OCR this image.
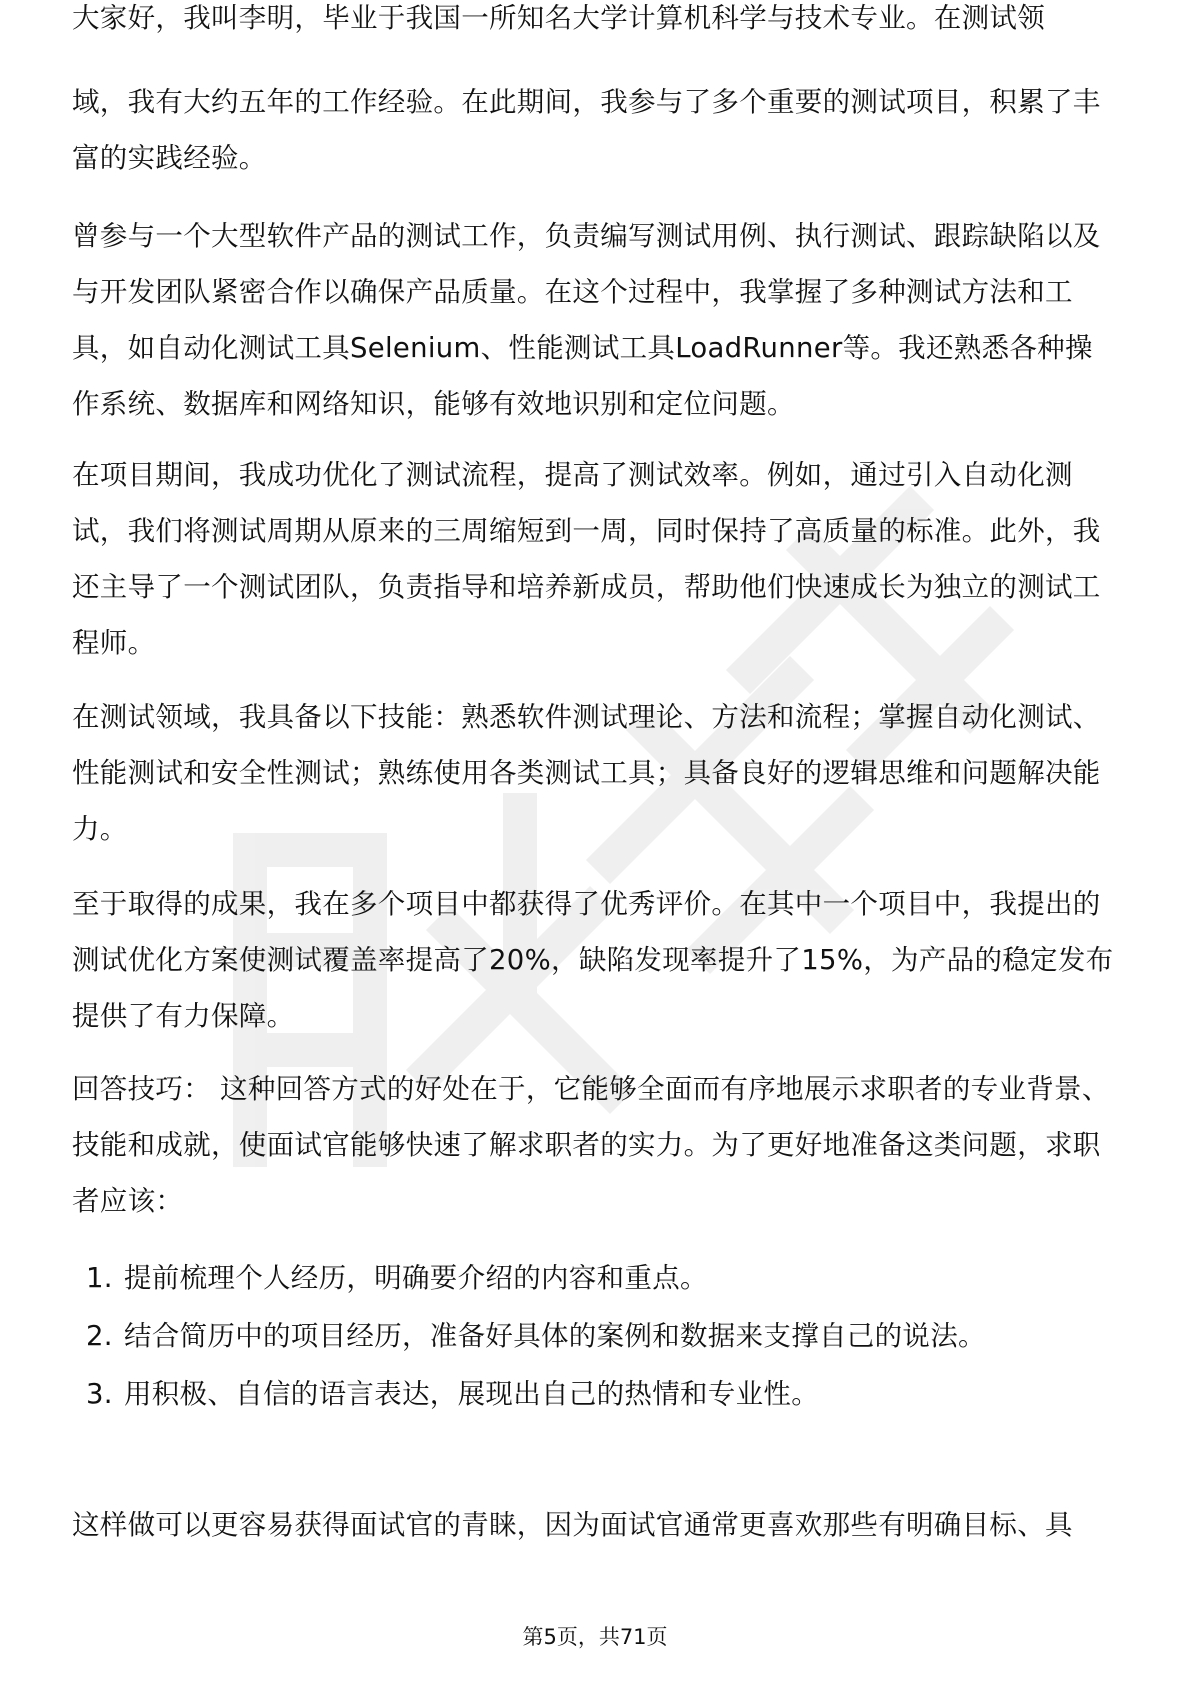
大家好，我叫李明，毕业于我国一所知名大学计算机科学与技术专业。在测试领

域，我有大约五年的工作经验。在此期间，我参与了多个重要的测试项目，积累了丰富的实践经验。

曾参与一个大型软件产品的测试工作，负责编写测试用例、执行测试、跟踪缺陷以及与开发团队紧密合作以确保产品质量。在这个过程中，我掌握了多种测试方法和工具，如自动化测试工具Selenium、性能测试工具LoadRunner等。我还熟悉各种操作系统、数据库和网络知识，能够有效地识别和定位问题。

在项目期间，我成功优化了测试流程，提高了测试效率。例如，通过引入自动化测试，我们将测试周期从原来的三周缩短到一周，同时保持了高质量的标准。此外，我还主导了一个测试团队，负责指导和培养新成员，帮助他们快速成长为独立的测试工程师。

在测试领域，我具备以下技能：熟悉软件测试理论、方法和流程；掌握自动化测试、性能测试和安全性测试；熟练使用各类测试工具；具备良好的逻辑思维和问题解决能力。

至于取得的成果，我在多个项目中都获得了优秀评价。在其中一个项目中，我提出的测试优化方案使测试覆盖率提高了20%，缺陷发现率提升了15%，为产品的稳定发布提供了有力保障。

回答技巧： 这种回答方式的好处在于，它能够全面而有序地展示求职者的专业背景、技能和成就，使面试官能够快速了解求职者的实力。为了更好地准备这类问题，求职者应该：

1. 提前梳理个人经历，明确要介绍的内容和重点。
2. 结合简历中的项目经历，准备好具体的案例和数据来支撑自己的说法。
3. 用积极、自信的语言表达，展现出自己的热情和专业性。

这样做可以更容易获得面试官的青睐，因为面试官通常更喜欢那些有明确目标、具

第5页，共71页
